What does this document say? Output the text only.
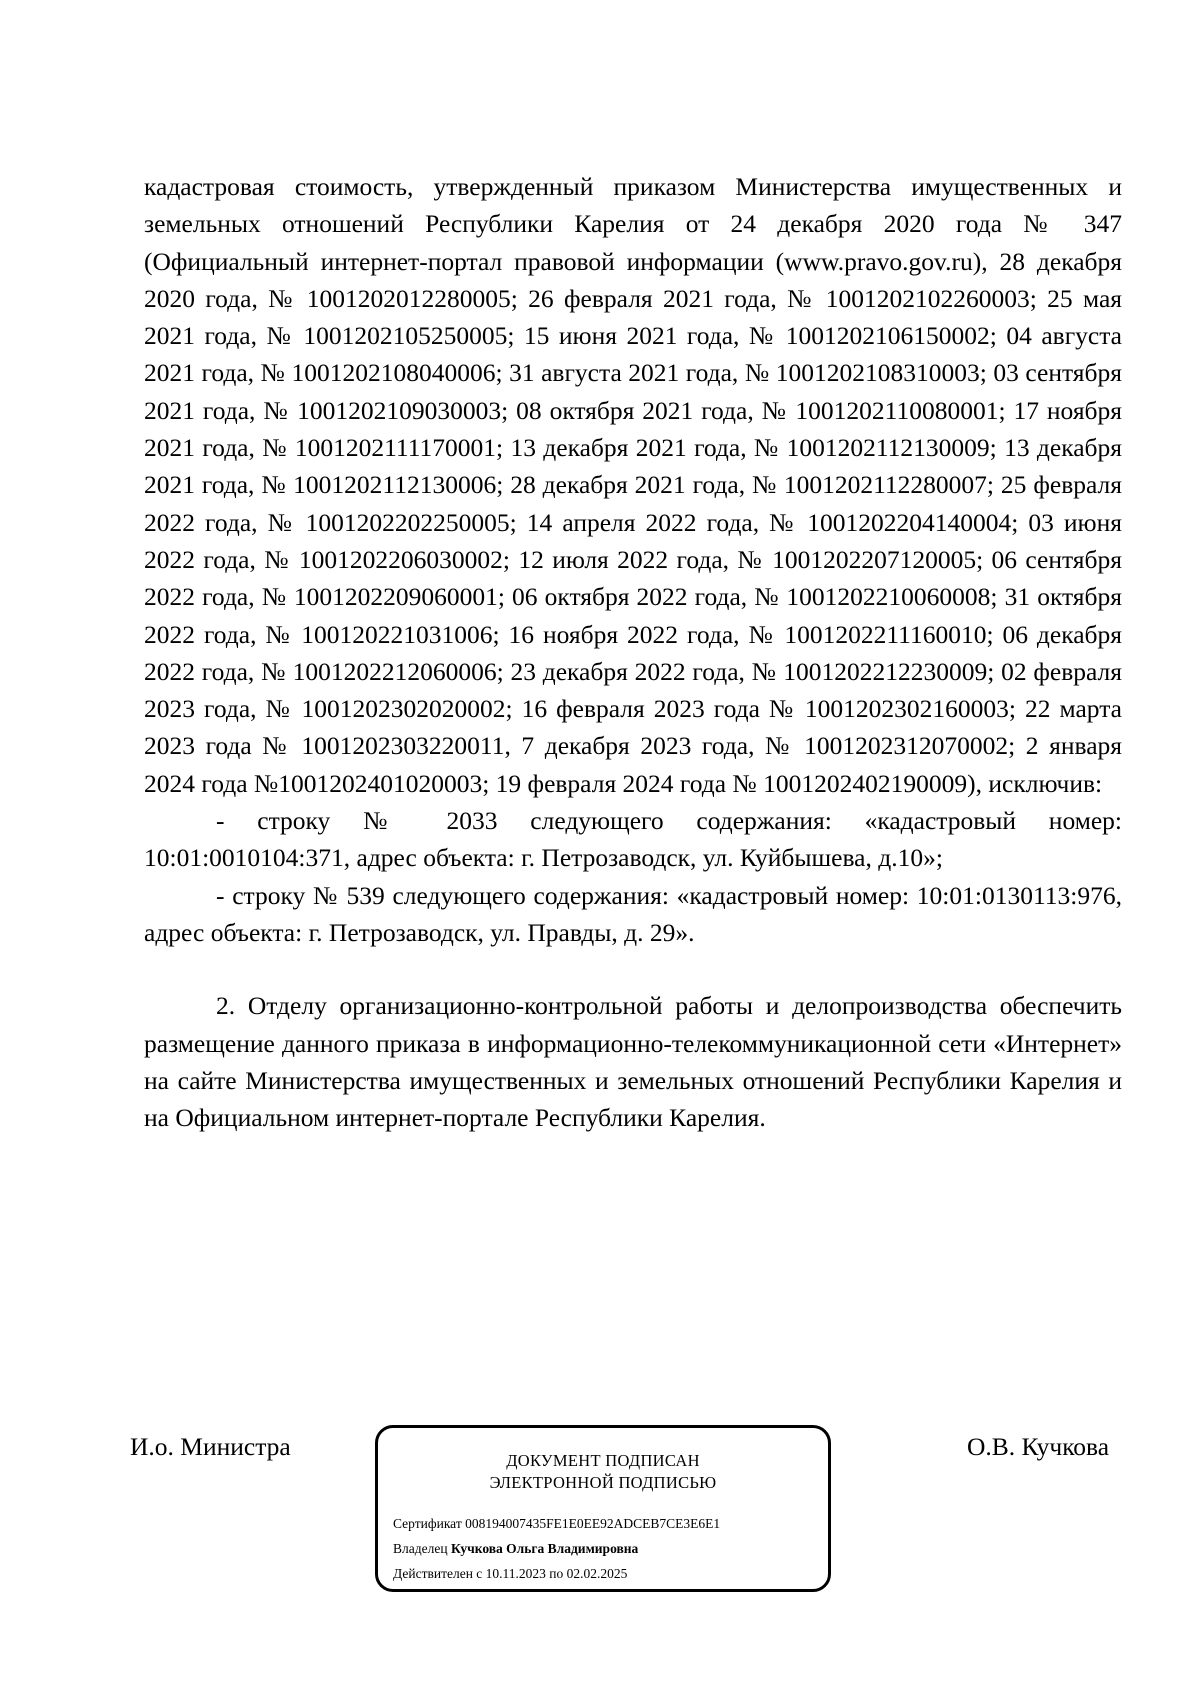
кадастровая стоимость, утвержденный приказом Министерства имущественных и земельных отношений Республики Карелия от 24 декабря 2020 года № 347 (Официальный интернет-портал правовой информации (www.pravo.gov.ru), 28 декабря 2020 года, № 1001202012280005; 26 февраля 2021 года, № 1001202102260003; 25 мая 2021 года, № 1001202105250005; 15 июня 2021 года, № 1001202106150002; 04 августа 2021 года, № 1001202108040006; 31 августа 2021 года, № 1001202108310003; 03 сентября 2021 года, № 1001202109030003; 08 октября 2021 года, № 1001202110080001; 17 ноября 2021 года, № 1001202111170001; 13 декабря 2021 года, № 1001202112130009; 13 декабря 2021 года, № 1001202112130006; 28 декабря 2021 года, № 1001202112280007; 25 февраля 2022 года, № 1001202202250005; 14 апреля 2022 года, № 1001202204140004; 03 июня 2022 года, № 1001202206030002; 12 июля 2022 года, № 1001202207120005; 06 сентября 2022 года, № 1001202209060001; 06 октября 2022 года, № 1001202210060008; 31 октября 2022 года, № 100120221031006; 16 ноября 2022 года, № 1001202211160010; 06 декабря 2022 года, № 1001202212060006; 23 декабря 2022 года, № 1001202212230009; 02 февраля 2023 года, № 1001202302020002; 16 февраля 2023 года № 1001202302160003; 22 марта 2023 года № 1001202303220011, 7 декабря 2023 года, № 1001202312070002; 2 января 2024 года №1001202401020003; 19 февраля 2024 года № 1001202402190009), исключив:

- строку № 2033 следующего содержания: «кадастровый номер: 10:01:0010104:371, адрес объекта: г. Петрозаводск, ул. Куйбышева, д.10»;

- строку № 539 следующего содержания: «кадастровый номер: 10:01:0130113:976, адрес объекта: г. Петрозаводск, ул. Правды, д. 29».

2. Отделу организационно-контрольной работы и делопроизводства обеспечить размещение данного приказа в информационно-телекоммуникационной сети «Интернет» на сайте Министерства имущественных и земельных отношений Республики Карелия и на Официальном интернет-портале Республики Карелия.

И.о. Министра	О.В. Кучкова
ДОКУМЕНТ ПОДПИСАН
ЭЛЕКТРОННОЙ ПОДПИСЬЮ
Сертификат 008194007435FE1E0EE92ADCEB7CE3E6E1
Владелец Кучкова Ольга Владимировна
Действителен с 10.11.2023 по 02.02.2025
